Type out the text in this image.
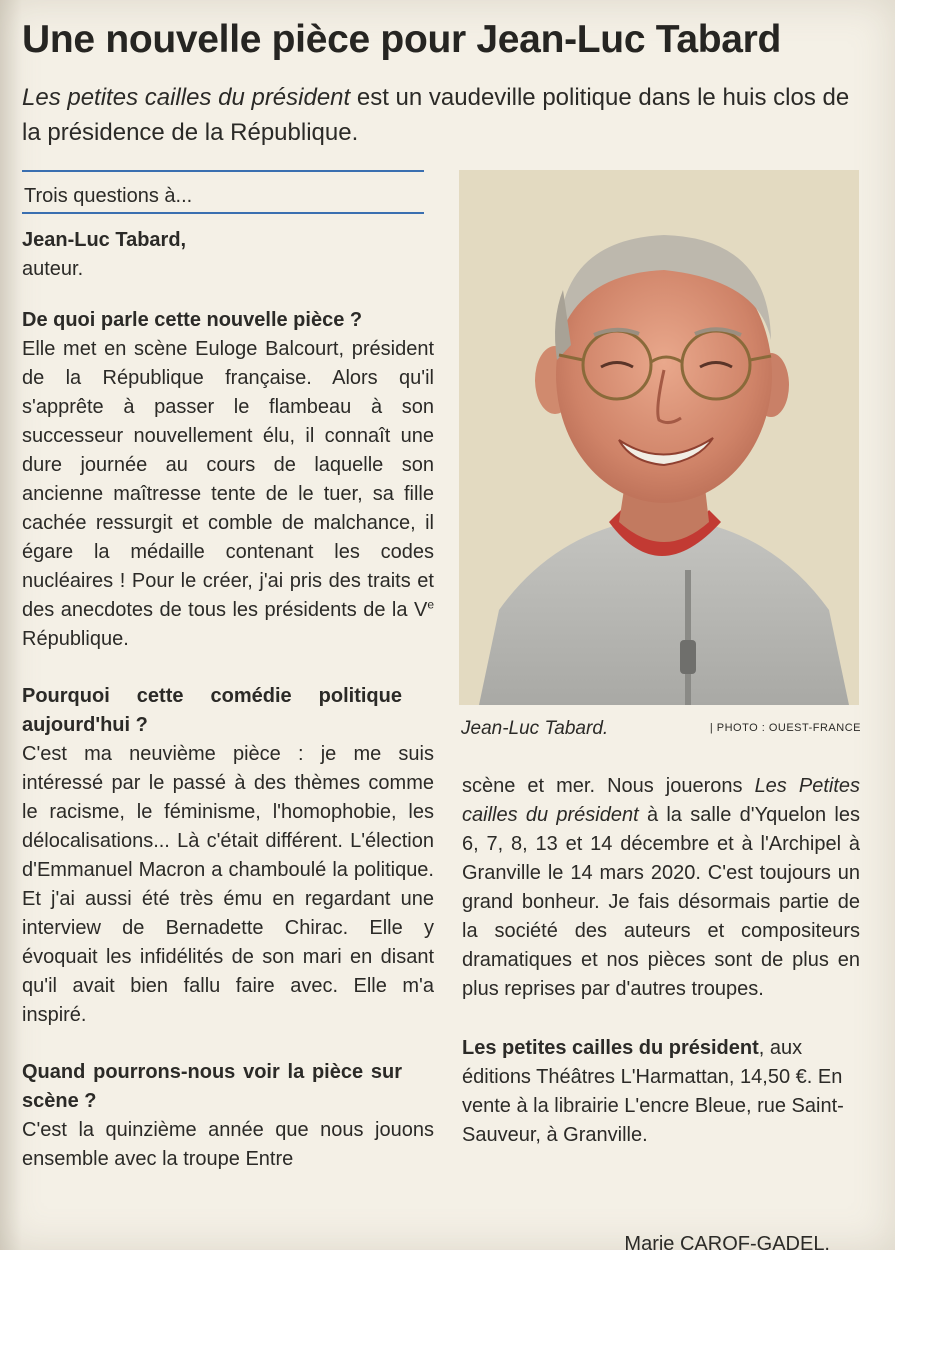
Une nouvelle pièce pour Jean-Luc Tabard

Les petites cailles du président est un vaudeville politique dans le huis clos de la présidence de la République.

Trois questions à...

Jean-Luc Tabard,

auteur.

De quoi parle cette nouvelle pièce ?

Elle met en scène Euloge Balcourt, président de la République française. Alors qu'il s'apprête à passer le flambeau à son successeur nouvellement élu, il connaît une dure journée au cours de laquelle son ancienne maîtresse tente de le tuer, sa fille cachée ressurgit et comble de malchance, il égare la médaille contenant les codes nucléaires ! Pour le créer, j'ai pris des traits et des anecdotes de tous les présidents de la Ve République.

Pourquoi cette comédie politique aujourd'hui ?

C'est ma neuvième pièce : je me suis intéressé par le passé à des thèmes comme le racisme, le féminisme, l'homophobie, les délocalisations... Là c'était différent. L'élection d'Emmanuel Macron a chamboulé la politique. Et j'ai aussi été très ému en regardant une interview de Bernadette Chirac. Elle y évoquait les infidélités de son mari en disant qu'il avait bien fallu faire avec. Elle m'a inspiré.

Quand pourrons-nous voir la pièce sur scène ?

C'est la quinzième année que nous jouons ensemble avec la troupe Entre

Jean-Luc Tabard.	| PHOTO : OUEST-FRANCE

scène et mer. Nous jouerons Les Petites cailles du président à la salle d'Yquelon les 6, 7, 8, 13 et 14 décembre et à l'Archipel à Granville le 14 mars 2020. C'est toujours un grand bonheur. Je fais désormais partie de la société des auteurs et compositeurs dramatiques et nos pièces sont de plus en plus reprises par d'autres troupes.

Les petites cailles du président, aux éditions Théâtres L'Harmattan, 14,50 €. En vente à la librairie L'encre Bleue, rue Saint-Sauveur, à Granville.

Marie CAROF-GADEL.
